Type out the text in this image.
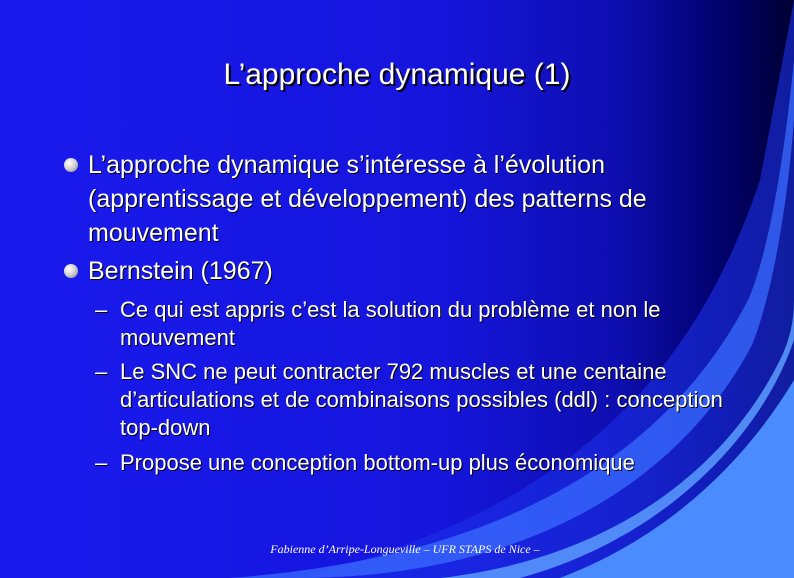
L’approche dynamique (1)
L’approche dynamique s’intéresse à l’évolution (apprentissage et développement) des patterns de mouvement
Bernstein (1967)
– Ce qui est appris c’est la solution du problème et non le mouvement
– Le SNC ne peut contracter 792 muscles et une centaine d’articulations et de combinaisons possibles (ddl) : conception top-down
– Propose une conception bottom-up plus économique
Fabienne d’Arripe-Longueville – UFR STAPS de Nice –
